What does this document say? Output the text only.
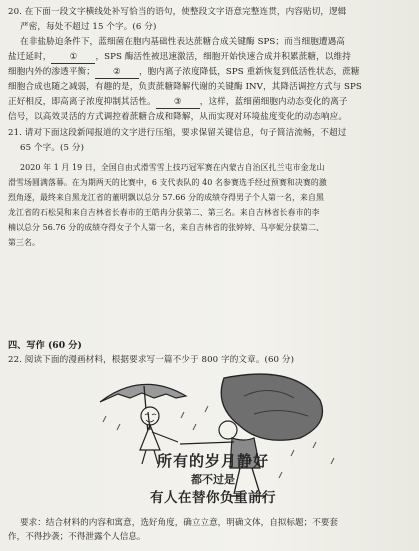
20. 在下面一段文字横线处补写恰当的语句，使整段文字语意完整连贯，内容贴切，逻辑
严密，每处不超过 15 个字。(6 分)
在非盐胁迫条件下，蓝细菌在胞内基础性表达蔗糖合成关键酶 SPS；而当细胞遭遇高
盐迁延时， ① ，SPS 酶活性被迅速激活，细胞开始快速合成并积累蔗糖，以维持
细胞内外的渗透平衡； ② ，胞内离子浓度降低，SPS 重新恢复到低活性状态，蔗糖
细胞合成也随之减弱，有趣的是，负责蔗糖降解代谢的关键酶 INV，其降活调控方式与 SPS
正好相反，即高离子浓度抑制其活性。 ③ ，这样，蓝细菌细胞内动态变化的离子
信号，以高效灵活的方式调控着蔗糖合成和降解，从而实现对环境盐度变化的动态响应。
21. 请对下面这段新闻报道的文字进行压缩，要求保留关键信息，句子简洁流畅，不超过
65 个字。(5 分)
2020 年 1 月 19 日，全国自由式滑雪雪上技巧冠军赛在内蒙古自治区扎兰屯市金龙山
滑雪场圆满落幕。在为期两天的比赛中，6 支代表队的 40 名参赛选手经过预赛和决赛的激
烈角逐，最终来自黑龙江省的董明飘以总分 57.66 分的成绩夺得男子个人第一名，来自黑
龙江省的石松昊和来自吉林省长春市的王皓冉分获第二、第三名。来自吉林省长春市的李
楠以总分 56.76 分的成绩夺得女子个人第一名，来自吉林省的张婷婷、马亭妮分获第二、
第三名。
四、写作 (60 分)
22. 阅读下面的漫画材料，根据要求写一篇不少于 800 字的文章。(60 分)
所有的岁月静好
都不过是
有人在替你负重前行
要求：结合材料的内容和寓意，选好角度，确立立意，明确文体，自拟标题；不要套
作，不得抄袭；不得泄露个人信息。
